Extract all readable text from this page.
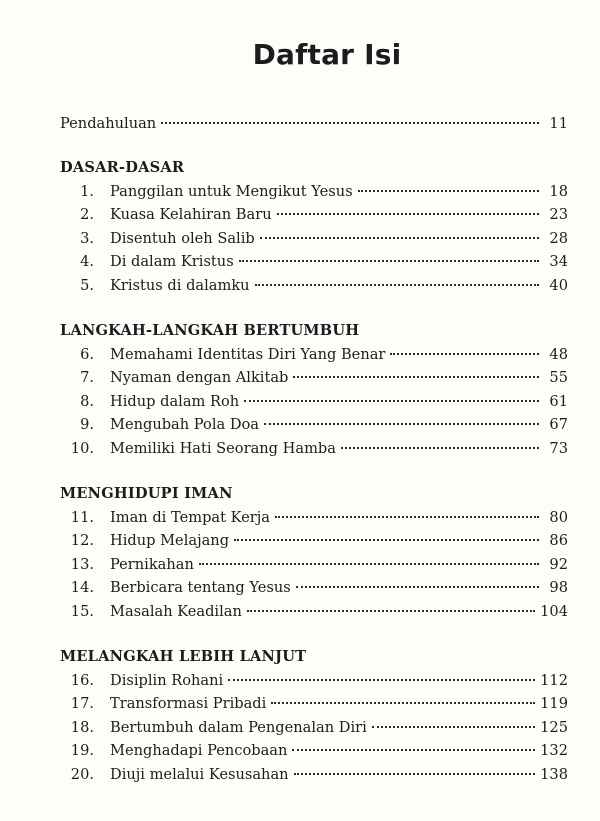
Daftar Isi
Pendahuluan	11
DASAR-DASAR
1.	Panggilan untuk Mengikut Yesus	18
2.	Kuasa Kelahiran Baru	23
3.	Disentuh oleh Salib	28
4.	Di dalam Kristus	34
5.	Kristus di dalamku	40
LANGKAH-LANGKAH BERTUMBUH
6.	Memahami Identitas Diri Yang Benar	48
7.	Nyaman dengan Alkitab	55
8.	Hidup dalam Roh	61
9.	Mengubah Pola Doa	67
10.	Memiliki Hati Seorang Hamba	73
MENGHIDUPI IMAN
11.	Iman di Tempat Kerja	80
12.	Hidup Melajang	86
13.	Pernikahan	92
14.	Berbicara tentang Yesus	98
15.	Masalah Keadilan	104
MELANGKAH LEBIH LANJUT
16.	Disiplin Rohani	112
17.	Transformasi Pribadi	119
18.	Bertumbuh dalam Pengenalan Diri	125
19.	Menghadapi Pencobaan	132
20.	Diuji melalui Kesusahan	138
